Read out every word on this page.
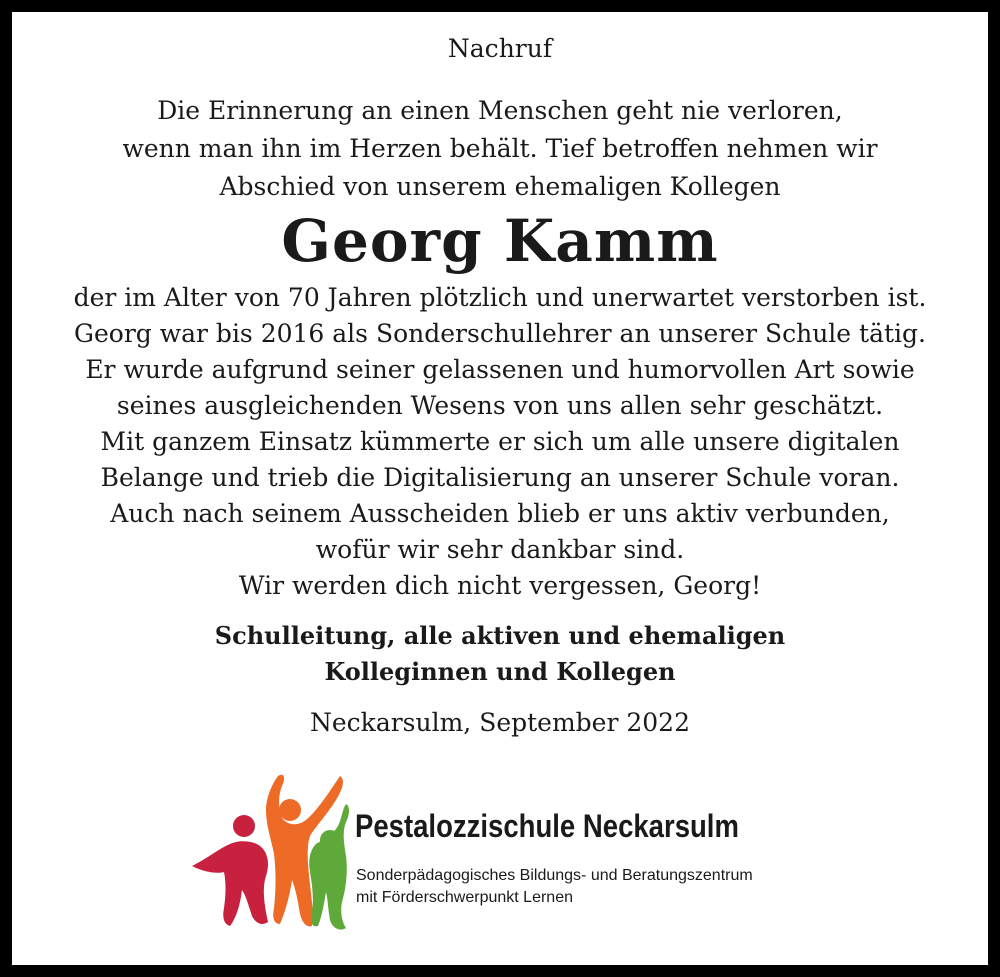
Nachruf
Die Erinnerung an einen Menschen geht nie verloren,
wenn man ihn im Herzen behält. Tief betroffen nehmen wir
Abschied von unserem ehemaligen Kollegen
Georg Kamm
der im Alter von 70 Jahren plötzlich und unerwartet verstorben ist.
Georg war bis 2016 als Sonderschullehrer an unserer Schule tätig.
Er wurde aufgrund seiner gelassenen und humorvollen Art sowie
seines ausgleichenden Wesens von uns allen sehr geschätzt.
Mit ganzem Einsatz kümmerte er sich um alle unsere digitalen
Belange und trieb die Digitalisierung an unserer Schule voran.
Auch nach seinem Ausscheiden blieb er uns aktiv verbunden,
wofür wir sehr dankbar sind.
Wir werden dich nicht vergessen, Georg!
Schulleitung, alle aktiven und ehemaligen
Kolleginnen und Kollegen
Neckarsulm, September 2022
Pestalozzischule Neckarsulm
Sonderpädagogisches Bildungs- und Beratungszentrum
mit Förderschwerpunkt Lernen
